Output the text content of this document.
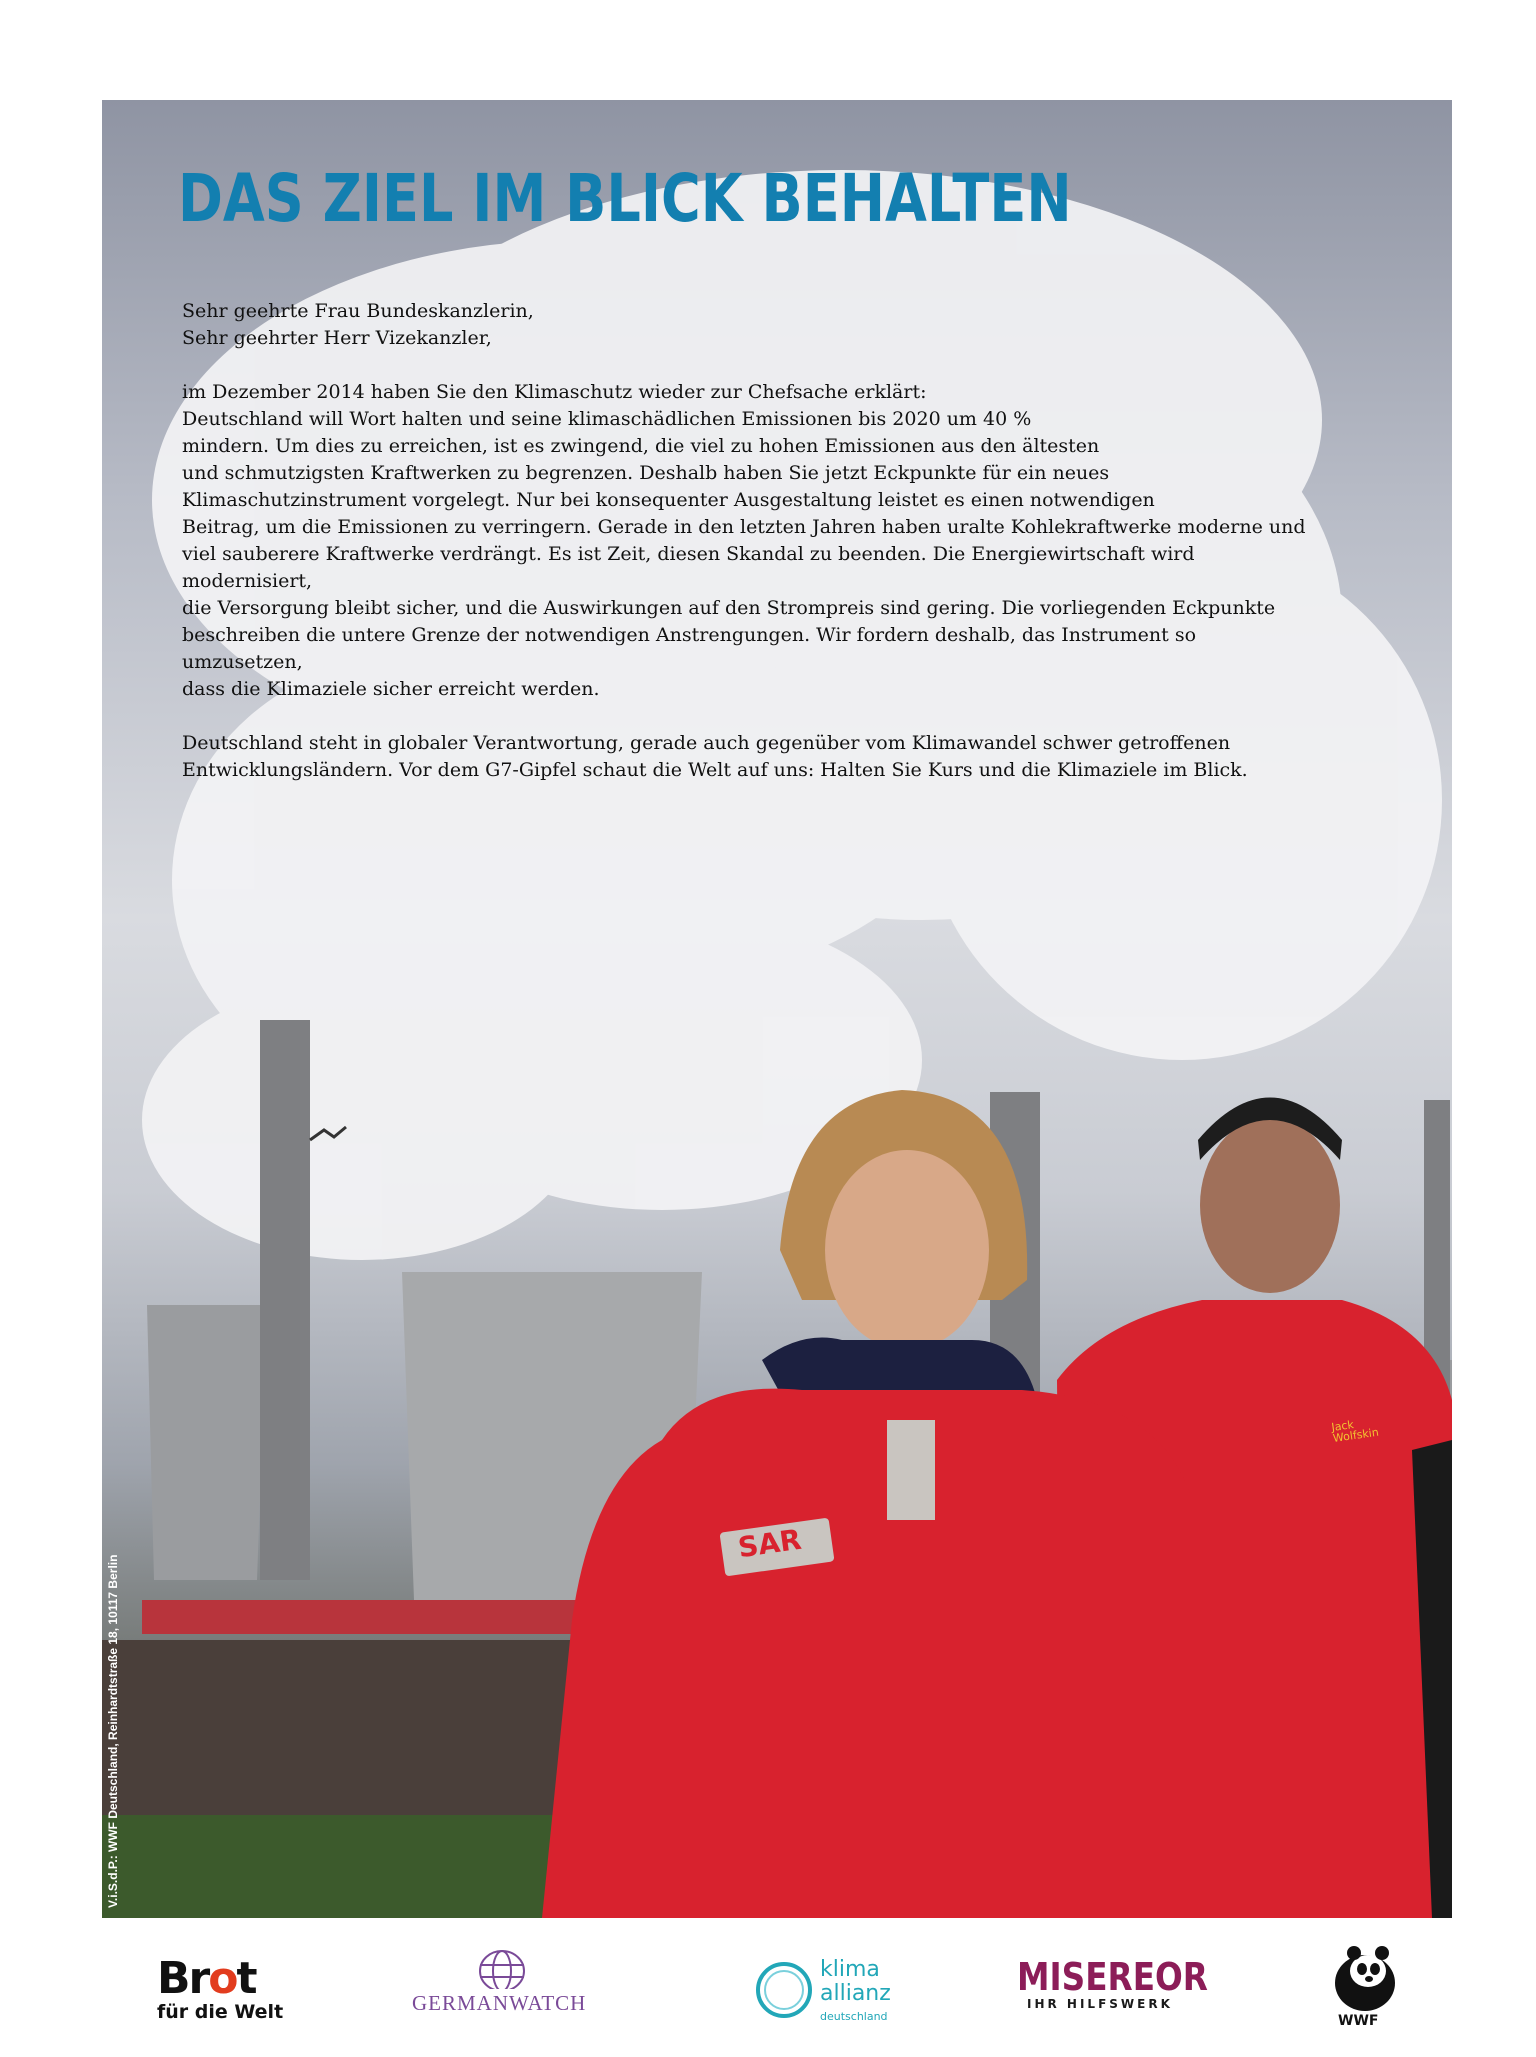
DAS ZIEL IM BLICK BEHALTEN

Sehr geehrte Frau Bundeskanzlerin,
Sehr geehrter Herr Vizekanzler,

im Dezember 2014 haben Sie den Klimaschutz wieder zur Chefsache erklärt:
Deutschland will Wort halten und seine klimaschädlichen Emissionen bis 2020 um 40 %
mindern. Um dies zu erreichen, ist es zwingend, die viel zu hohen Emissionen aus den ältesten
und schmutzigsten Kraftwerken zu begrenzen. Deshalb haben Sie jetzt Eckpunkte für ein neues
Klimaschutzinstrument vorgelegt. Nur bei konsequenter Ausgestaltung leistet es einen notwendigen
Beitrag, um die Emissionen zu verringern. Gerade in den letzten Jahren haben uralte Kohlekraftwerke moderne und
viel sauberere Kraftwerke verdrängt. Es ist Zeit, diesen Skandal zu beenden. Die Energiewirtschaft wird modernisiert,
die Versorgung bleibt sicher, und die Auswirkungen auf den Strompreis sind gering. Die vorliegenden Eckpunkte
beschreiben die untere Grenze der notwendigen Anstrengungen. Wir fordern deshalb, das Instrument so umzusetzen,
dass die Klimaziele sicher erreicht werden.

Deutschland steht in globaler Verantwortung, gerade auch gegenüber vom Klimawandel schwer getroffenen
Entwicklungsländern. Vor dem G7-Gipfel schaut die Welt auf uns: Halten Sie Kurs und die Klimaziele im Blick.

SAR
Jack Wolfskin
V.i.S.d.P.: WWF Deutschland, Reinhardtstraße 18, 10117 Berlin
Brot
für die Welt	GERMANWATCH
klima
allianz
deutschland
MISEREOR
IHR HILFSWERK
WWF
